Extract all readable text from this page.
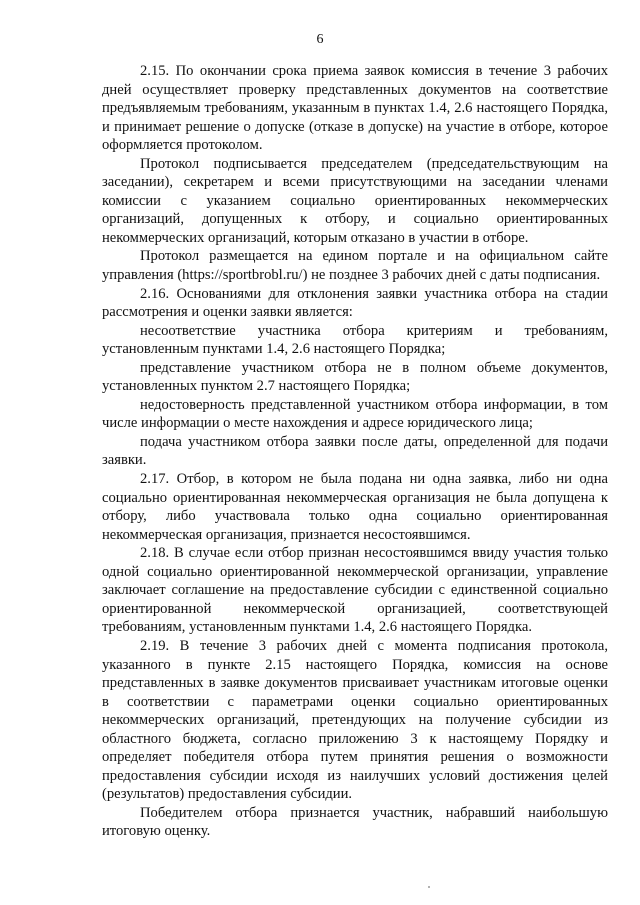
6

2.15. По окончании срока приема заявок комиссия в течение 3 рабочих дней осуществляет проверку представленных документов на соответствие предъявляемым требованиям, указанным в пунктах 1.4, 2.6 настоящего Порядка, и принимает решение о допуске (отказе в допуске) на участие в отборе, которое оформляется протоколом.

Протокол подписывается председателем (председательствующим на заседании), секретарем и всеми присутствующими на заседании членами комиссии с указанием социально ориентированных некоммерческих организаций, допущенных к отбору, и социально ориентированных некоммерческих организаций, которым отказано в участии в отборе.

Протокол размещается на едином портале и на официальном сайте управления (https://sportbrobl.ru/) не позднее 3 рабочих дней с даты подписания.

2.16. Основаниями для отклонения заявки участника отбора на стадии рассмотрения и оценки заявки является:

несоответствие участника отбора критериям и требованиям, установленным пунктами 1.4, 2.6 настоящего Порядка;

представление участником отбора не в полном объеме документов, установленных пунктом 2.7 настоящего Порядка;

недостоверность представленной участником отбора информации, в том числе информации о месте нахождения и адресе юридического лица;

подача участником отбора заявки после даты, определенной для подачи заявки.

2.17. Отбор, в котором не была подана ни одна заявка, либо ни одна социально ориентированная некоммерческая организация не была допущена к отбору, либо участвовала только одна социально ориентированная некоммерческая организация, признается несостоявшимся.

2.18. В случае если отбор признан несостоявшимся ввиду участия только одной социально ориентированной некоммерческой организации, управление заключает соглашение на предоставление субсидии с единственной социально ориентированной некоммерческой организацией, соответствующей требованиям, установленным пунктами 1.4, 2.6 настоящего Порядка.

2.19. В течение 3 рабочих дней с момента подписания протокола, указанного в пункте 2.15 настоящего Порядка, комиссия на основе представленных в заявке документов присваивает участникам итоговые оценки в соответствии с параметрами оценки социально ориентированных некоммерческих организаций, претендующих на получение субсидии из областного бюджета, согласно приложению 3 к настоящему Порядку и определяет победителя отбора путем принятия решения о возможности предоставления субсидии исходя из наилучших условий достижения целей (результатов) предоставления субсидии.

Победителем отбора признается участник, набравший наибольшую итоговую оценку.
